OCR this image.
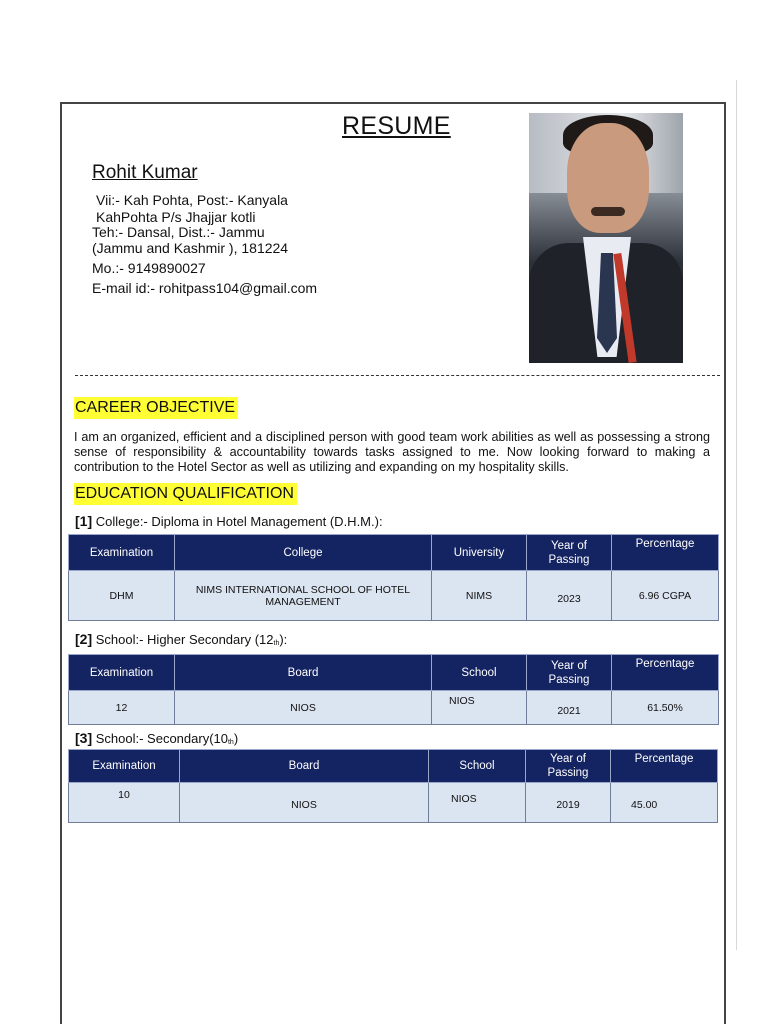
RESUME
Rohit Kumar
Vii:- Kah Pohta, Post:- Kanyala
KahPohta P/s Jhajjar kotli
Teh:- Dansal, Dist.:- Jammu
(Jammu and Kashmir ), 181224
Mo.:- 9149890027
E-mail id:- rohitpass104@gmail.com
CAREER OBJECTIVE
I am an organized, efficient and a disciplined person with good team work abilities as well as possessing a strong sense of responsibility & accountability towards tasks assigned to me. Now looking forward to making a contribution to the Hotel Sector as well as utilizing and expanding on my hospitality skills.
EDUCATION QUALIFICATION
[1] College:- Diploma in Hotel Management (D.H.M.):
Examination	College	University	Year of Passing	Percentage
DHM	NIMS INTERNATIONAL SCHOOL OF HOTEL MANAGEMENT	NIMS	2023	6.96 CGPA
[2] School:- Higher Secondary $(12_{th})$:
Examination	Board	School	Year of Passing	Percentage
12	NIOS	NIOS	2021	61.50%
[3] School:- $Secondary(10_{th})$
Examination	Board	School	Year of Passing	Percentage
10	NIOS	NIOS	2019	45.00
